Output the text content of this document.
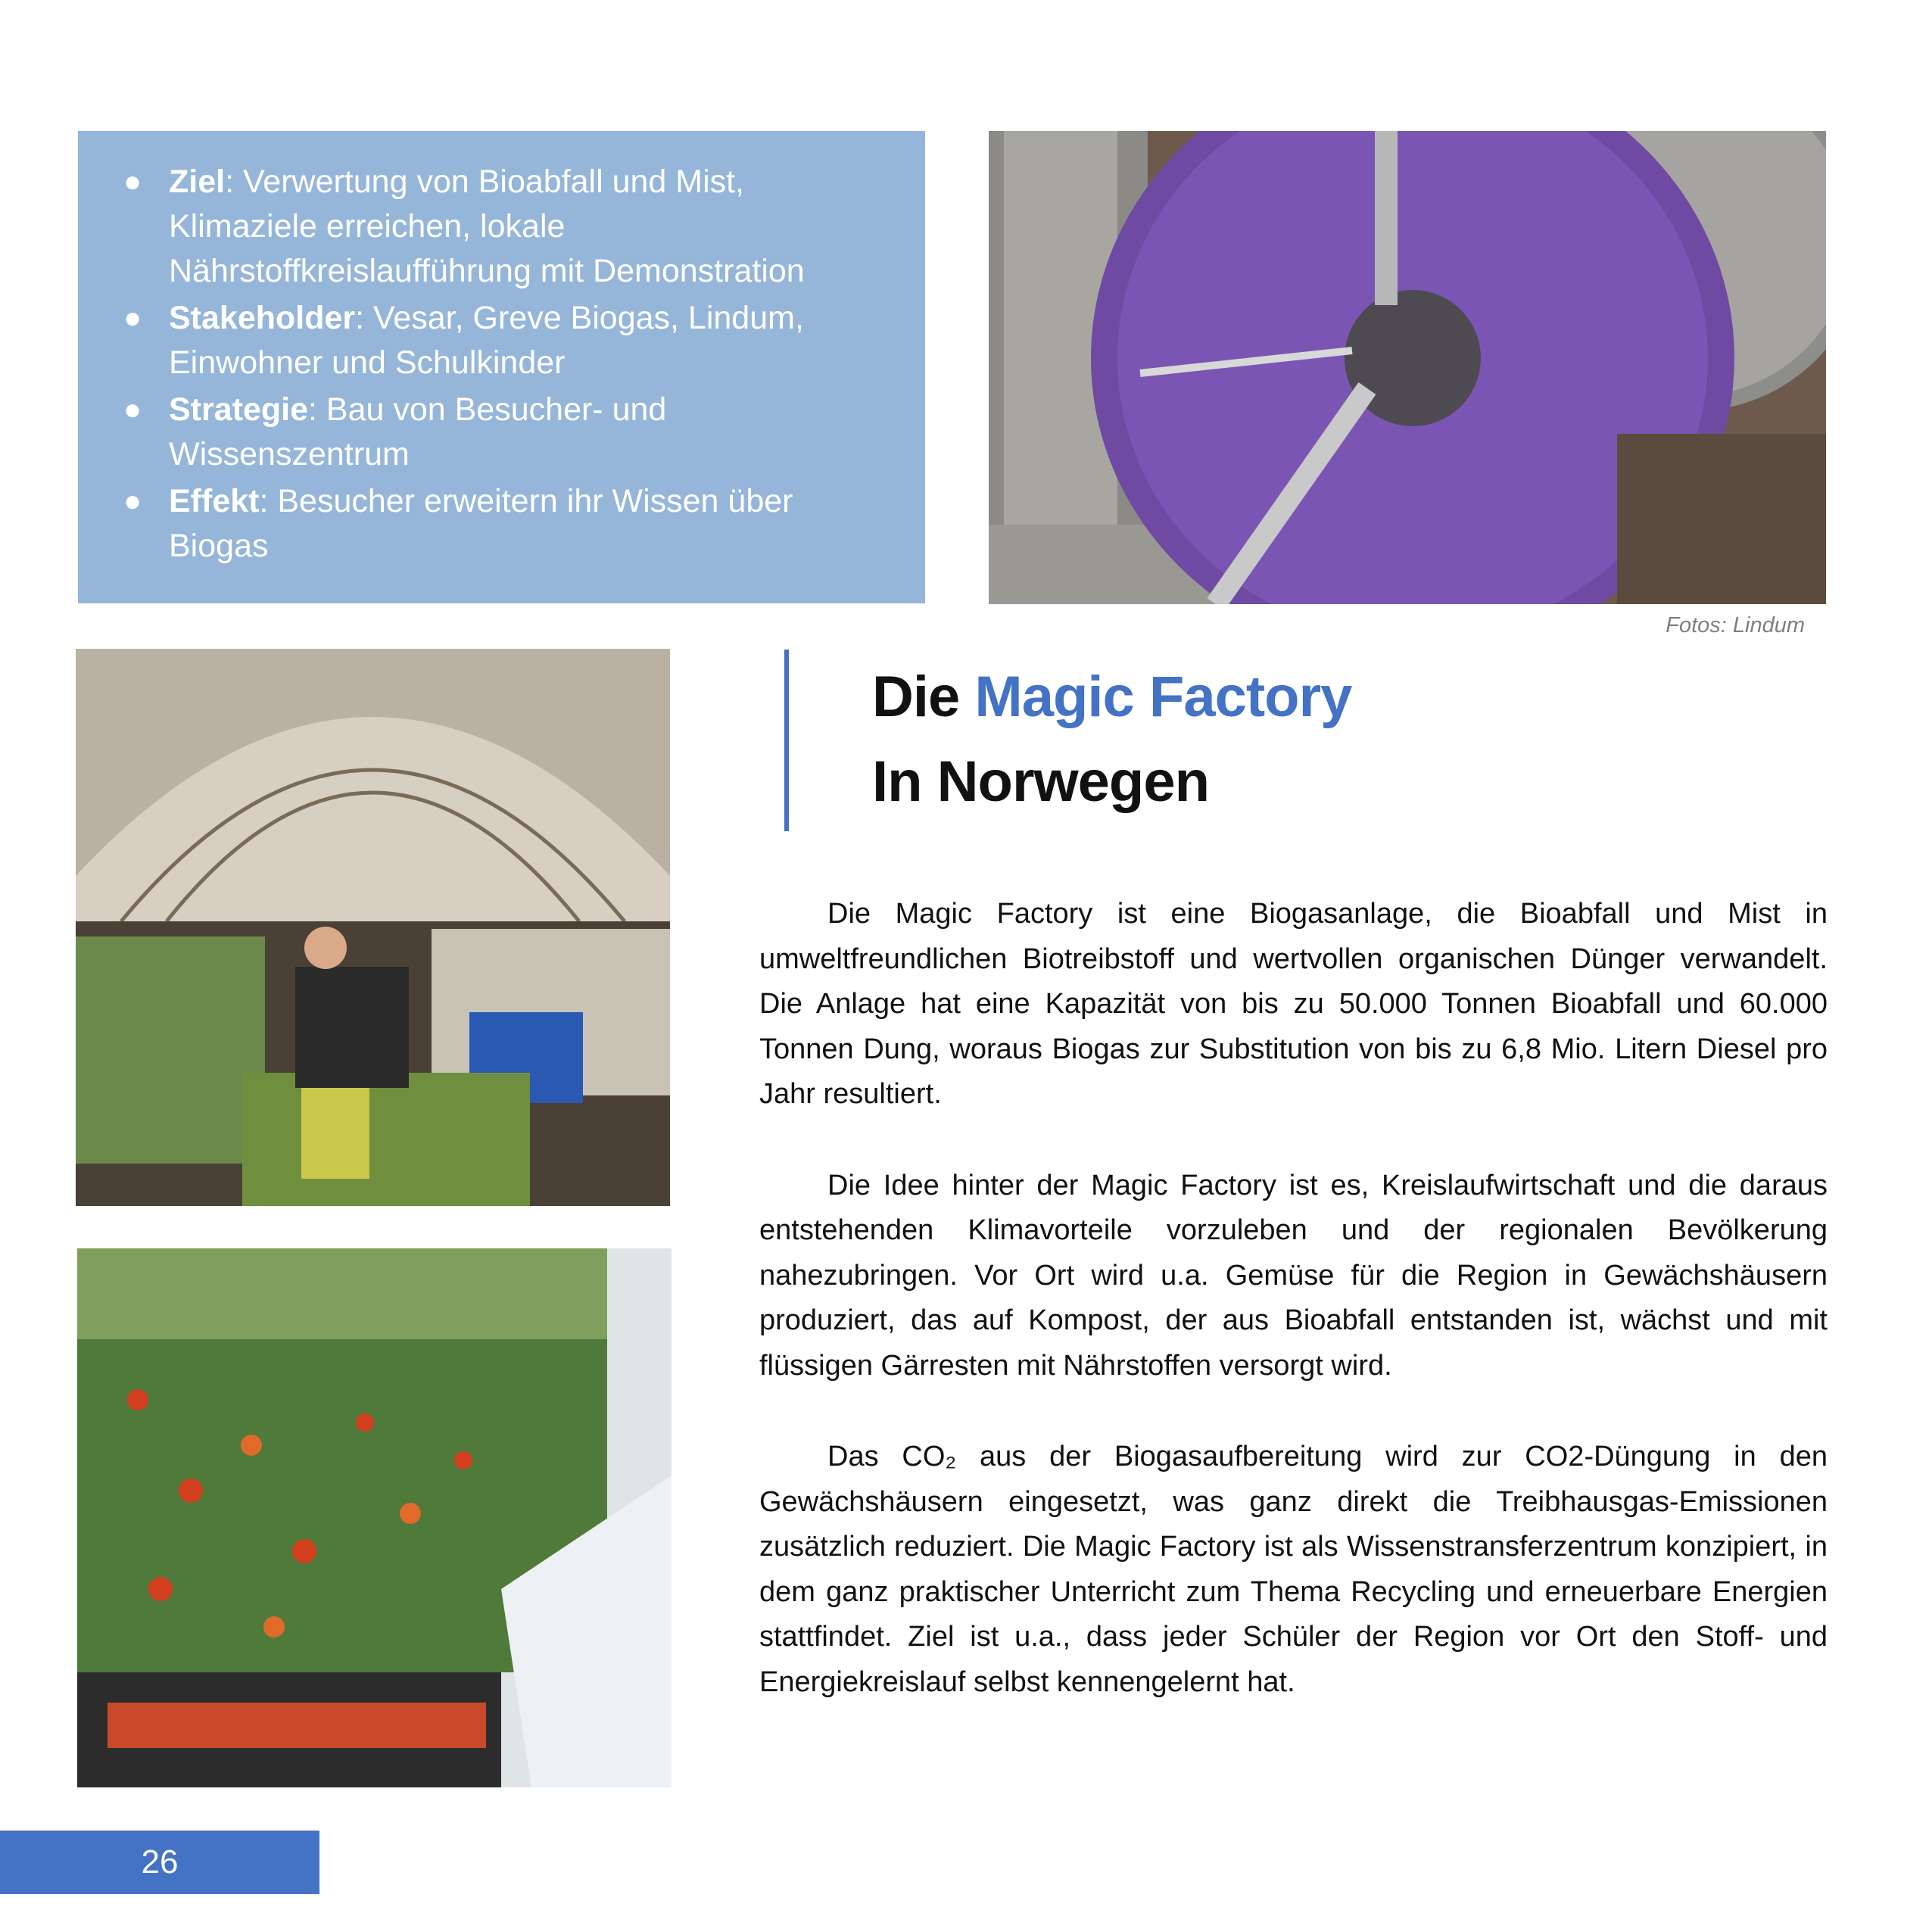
● Ziel: Verwertung von Bioabfall und Mist, Klimaziele erreichen, lokale Nährstoffkreislaufführung mit Demonstration
● Stakeholder: Vesar, Greve Biogas, Lindum, Einwohner und Schulkinder
● Strategie: Bau von Besucher- und Wissenszentrum
● Effekt: Besucher erweitern ihr Wissen über Biogas
Fotos: Lindum
Die Magic Factory
In Norwegen

Die Magic Factory ist eine Biogasanlage, die Bioabfall und Mist in umweltfreundlichen Biotreibstoff und wertvollen organischen Dünger verwandelt. Die Anlage hat eine Kapazität von bis zu 50.000 Tonnen Bioabfall und 60.000 Tonnen Dung, woraus Biogas zur Substitution von bis zu 6,8 Mio. Litern Diesel pro Jahr resultiert.

Die Idee hinter der Magic Factory ist es, Kreislaufwirtschaft und die daraus entstehenden Klimavorteile vorzuleben und der regionalen Bevölkerung nahezubringen. Vor Ort wird u.a. Gemüse für die Region in Gewächshäusern produziert, das auf Kompost, der aus Bioabfall entstanden ist, wächst und mit flüssigen Gärresten mit Nährstoffen versorgt wird.

Das CO₂ aus der Biogasaufbereitung wird zur CO2-Düngung in den Gewächshäusern eingesetzt, was ganz direkt die Treibhausgas-Emissionen zusätzlich reduziert. Die Magic Factory ist als Wissenstransferzentrum konzipiert, in dem ganz praktischer Unterricht zum Thema Recycling und erneuerbare Energien stattfindet. Ziel ist u.a., dass jeder Schüler der Region vor Ort den Stoff- und Energiekreislauf selbst kennengelernt hat.

26
